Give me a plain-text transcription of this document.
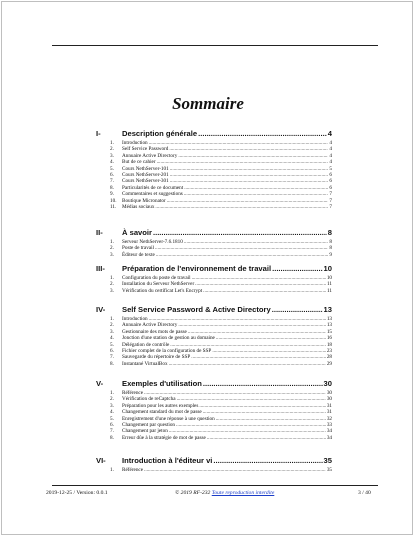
Sommaire
I-	Description générale .....	4
1.	Introduction .....	4
2.	Self Service Password .....	4
3.	Annuaire Active Directory .....	4
4.	But de ce cahier .....	4
5.	Cours NethServer-101 .....	5
6.	Cours NethServer-201 .....	6
7.	Cours NethServer-301 .....	6
8.	Particularités de ce document .....	6
9.	Commentaires et suggestions .....	7
10.	Boutique Micronator .....	7
11.	Médias sociaux .....	7
II-	À savoir .....	8
1.	Serveur NethServer-7.6.1810 .....	8
2.	Poste de travail .....	8
3.	Éditeur de texte .....	9
III-	Préparation de l'environnement de travail .....	10
1.	Configuration du poste de travail .....	10
2.	Installation du Serveur NethServer .....	11
3.	Vérification du certificat Let's Encrypt .....	11
IV-	Self Service Password & Active Directory .....	13
1.	Introduction .....	13
2.	Annuaire Active Directory .....	13
3.	Gestionnaire des mots de passe .....	15
4.	Jonction d'une station de gestion au domaine .....	16
5.	Délégation de contrôle .....	18
6.	Fichier complet de la configuration de SSP .....	23
7.	Sauvegarde du répertoire de SSP .....	28
8.	Instantané VirtualBox .....	29
V-	Exemples d'utilisation .....	30
1.	Référence .....	30
2.	Vérification de reCaptcha .....	30
3.	Préparation pour les autres exemples .....	31
4.	Changement standard du mot de passe .....	31
5.	Enregistrement d'une réponse à une question .....	32
6.	Changement par question .....	33
7.	Changement par jeton .....	34
8.	Erreur dûe à la stratégie de mot de passe .....	34
VI-	Introduction à l'éditeur vi .....	35
1.	Référence .....	35
2019-12-25 / Version: 0.0.1	© 2019 RF-232 Toute reproduction interdite	3 / 40
